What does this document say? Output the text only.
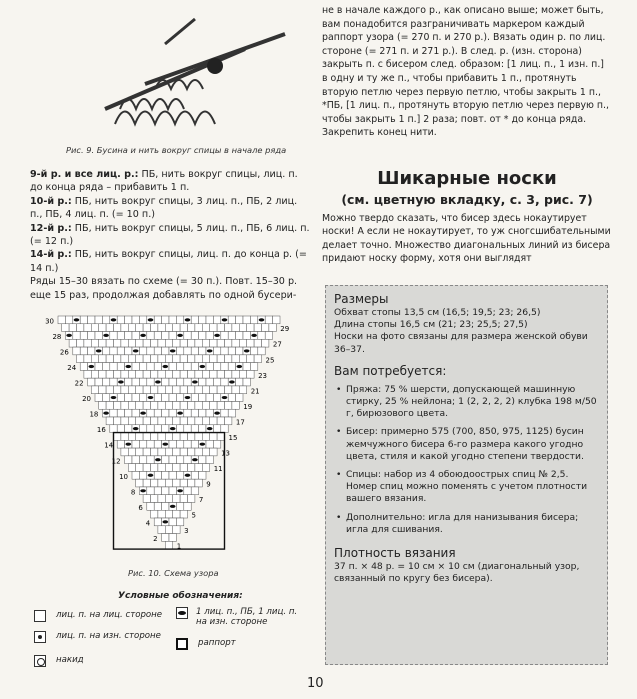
Рис. 9. Бусина и нить вокруг спицы в начале ряда

9-й р. и все лиц. р.: ПБ, нить вокруг спицы, лиц. п. до конца ряда – прибавить 1 п.

10-й р.: ПБ, нить вокруг спицы, 3 лиц. п., ПБ, 2 лиц. п., ПБ, 4 лиц. п. (= 10 п.)

12-й р.: ПБ, нить вокруг спицы, 5 лиц. п., ПБ, 6 лиц. п. (= 12 п.)

14-й р.: ПБ, нить вокруг спицы, лиц. п. до конца р. (= 14 п.)

Ряды 15–30 вязать по схеме (= 30 п.). Повт. 15–30 р. еще 15 раз, продолжая добавлять по одной бусери-

30
29
28
27
26
25
24
23
22
21
20
19
18
17
16
15
14
13
12
11
10
9
8
7
6
5
4
3
2
1
Рис. 10. Схема узора
Условные обозначения:
лиц. п. на лиц. стороне
лиц. п. на изн. стороне
накид
1 лиц. п., ПБ, 1 лиц. п. на изн. стороне
раппорт

не в начале каждого р., как описано выше; может быть, вам понадобится разграничивать маркером каждый раппорт узора (= 270 п. и 270 р.). Вязать один р. по лиц. стороне (= 271 п. и 271 р.). В след. р. (изн. сторона) закрыть п. с бисером след. образом: [1 лиц. п., 1 изн. п.] в одну и ту же п., чтобы прибавить 1 п., протянуть вторую петлю через первую петлю, чтобы закрыть 1 п., *ПБ, [1 лиц. п., протянуть вторую петлю через первую п., чтобы закрыть 1 п.] 2 раза; повт. от * до конца ряда. Закрепить конец нити.

Шикарные носки
(см. цветную вкладку, с. 3, рис. 7)

Можно твердо сказать, что бисер здесь нокаутирует носки! А если не нокаутирует, то уж сногсшибательными делает точно. Множество диагональных линий из бисера придают носку форму, хотя они выглядят

Размеры

Обхват стопы 13,5 см (16,5; 19,5; 23; 26,5)

Длина стопы 16,5 см (21; 23; 25,5; 27,5)

Носки на фото связаны для размера женской обуви 36–37.

Вам потребуется:

• Пряжа: 75 % шерсти, допускающей машинную стирку, 25 % нейлона; 1 (2, 2, 2, 2) клубка 198 м/50 г, бирюзового цвета.

• Бисер: примерно 575 (700, 850, 975, 1125) бусин жемчужного бисера 6-го размера какого угодно цвета, стиля и какой угодно степени твердости.

• Спицы: набор из 4 обоюдоострых спиц № 2,5. Номер спиц можно поменять с учетом плотности вашего вязания.

• Дополнительно: игла для нанизывания бисера; игла для сшивания.

Плотность вязания

37 п. × 48 р. = 10 см × 10 см (диагональный узор, связанный по кругу без бисера).

10
